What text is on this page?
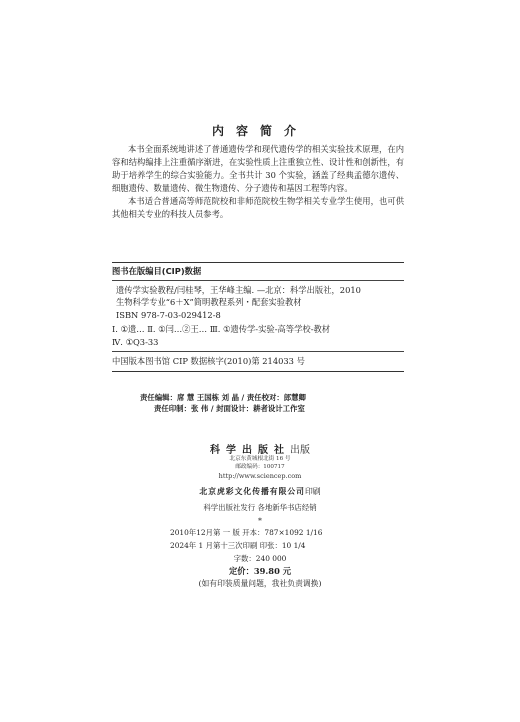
内容简介

本书全面系统地讲述了普通遗传学和现代遗传学的相关实验技术原理，在内容和结构编排上注重循序渐进，在实验性质上注重独立性、设计性和创新性，有助于培养学生的综合实验能力。全书共计 30 个实验，涵盖了经典孟德尔遗传、细胞遗传、数量遗传、微生物遗传、分子遗传和基因工程等内容。

本书适合普通高等师范院校和非师范院校生物学相关专业学生使用，也可供其他相关专业的科技人员参考。

图书在版编目(CIP)数据
遗传学实验教程/闫桂琴，王华峰主编. —北京：科学出版社，2010
生物科学专业“6＋X”简明教程系列・配套实验教材
ISBN 978-7-03-029412-8
Ⅰ. ①遗… Ⅱ. ①闫…②王… Ⅲ. ①遗传学-实验-高等学校-教材
Ⅳ. ①Q3-33
中国版本图书馆 CIP 数据核字(2010)第 214033 号
责任编辑：席 慧 王国栋 刘 晶 / 责任校对：郎慧卿
责任印制：张 伟 / 封面设计：耕者设计工作室
科学出版社出版
北京东黄城根北街 16 号
邮政编码：100717
http://www.sciencep.com
北京虎彩文化传播有限公司印刷
科学出版社发行 各地新华书店经销
*
2010年12月第 一 版 开本：787×1092 1/16
2024年 1 月第十三次印刷 印张：10 1/4
字数：240 000
定价：39.80 元
(如有印装质量问题，我社负责调换)
